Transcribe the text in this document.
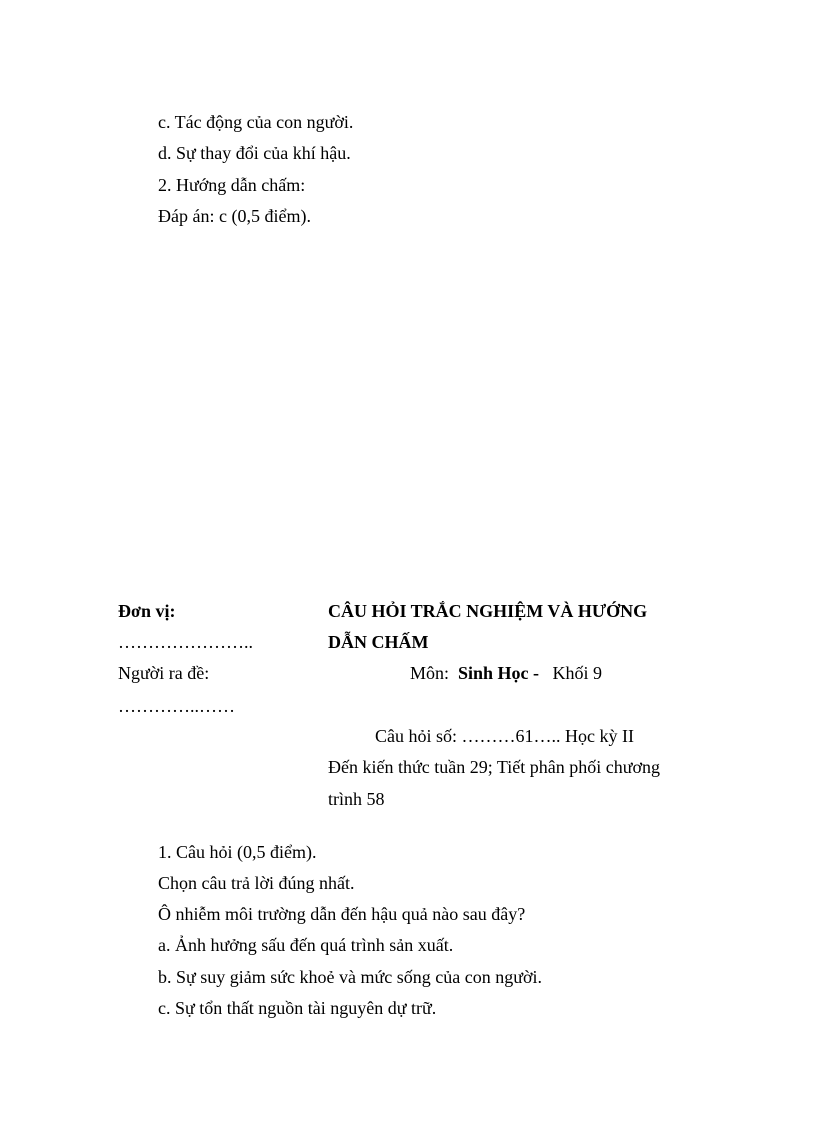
c. Tác động của con người.
d. Sự thay đổi của khí hậu.
2. Hướng dẫn chấm:
Đáp án: c (0,5 điểm).
Đơn vị:
…………………..
Người ra đề:
…………..……
CÂU HỎI TRẮC NGHIỆM VÀ HƯỚNG
DẪN CHẤM
Môn: Sinh Học - Khối 9
Câu hỏi số: ………61….. Học kỳ II
Đến kiến thức tuần 29; Tiết phân phối chương
trình 58
1. Câu hỏi (0,5 điểm).
Chọn câu trả lời đúng nhất.
Ô nhiễm môi trường dẫn đến hậu quả nào sau đây?
a. Ảnh hưởng sấu đến quá trình sản xuất.
b. Sự suy giảm sức khoẻ và mức sống của con người.
c. Sự tổn thất nguồn tài nguyên dự trữ.
